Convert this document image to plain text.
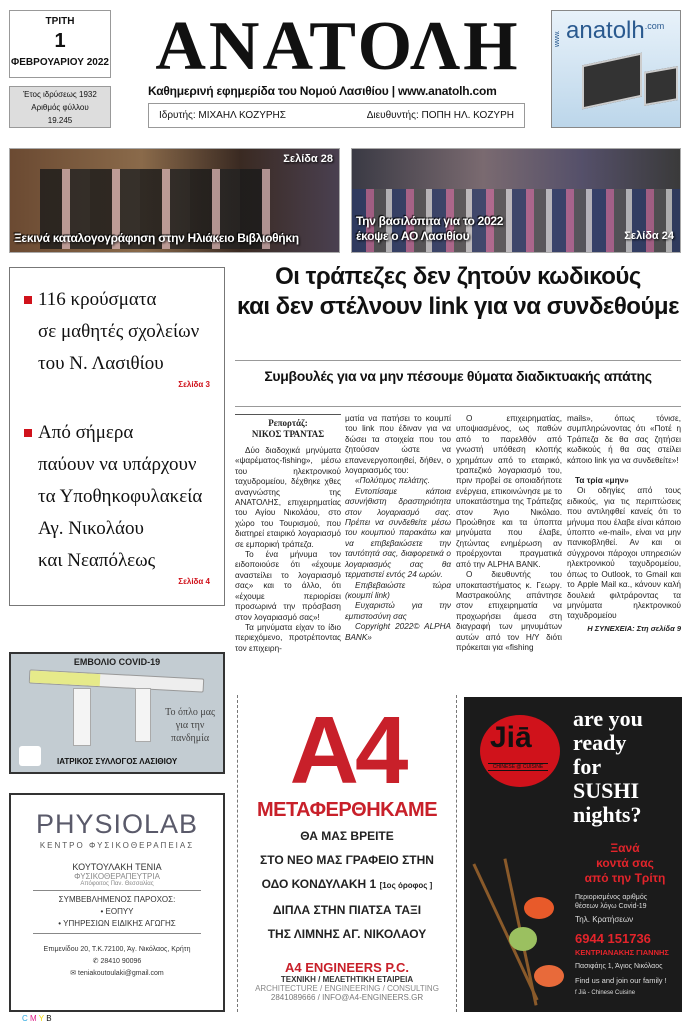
ΤΡΙΤΗ
1
ΦΕΒΡΟΥΑΡΙΟΥ 2022
Έτος ιδρύσεως 1932
Αριθμός φύλλου
19.245
ΑΝΑΤΟΛΗ
Καθημερινή εφημερίδα του Νομού Λασιθίου | www.anatolh.com
Ιδρυτής: ΜΙΧΑΗΛ ΚΟΖΥΡΗΣ	Διευθυντής: ΠΟΠΗ ΗΛ. ΚΟΖΥΡΗ
www. anatolh$^{.com}$
Σελίδα 28
Ξεκινά καταλογογράφηση στην Ηλιάκειο Βιβλιοθήκη
Την βασιλόπιτα για το 2022
έκοψε ο ΑΟ Λασιθίου	Σελίδα 24
116 κρούσματα
σε μαθητές σχολείων
του Ν. Λασιθίου
Σελίδα 3
Από σήμερα
παύουν να υπάρχουν
τα Υποθηκοφυλακεία
Αγ. Νικολάου
και Νεαπόλεως
Σελίδα 4
ΕΜΒΟΛΙΟ COVID-19
Το όπλο μας
για την
πανδημία
ΙΑΤΡΙΚΟΣ ΣΥΛΛΟΓΟΣ ΛΑΣΙΘΙΟΥ
PHYSIOLAB
ΚΕΝΤΡΟ ΦΥΣΙΚΟΘΕΡΑΠΕΙΑΣ
ΚΟΥΤΟΥΛΑΚΗ ΤΕΝΙΑ
ΦΥΣΙΚΟΘΕΡΑΠΕΥΤΡΙΑ
Απόφοιτος Παν. Θεσσαλίας
ΣΥΜΒΕΒΛΗΜΕΝΟΣ ΠΑΡΟΧΟΣ:
• ΕΟΠΥΥ
• ΥΠΗΡΕΣΙΩΝ ΕΙΔΙΚΗΣ ΑΓΩΓΗΣ
Επιμενίδου 20, Τ.Κ.72100, Άγ. Νικόλαος, Κρήτη
✆ 28410 90096
✉ teniakoutoulaki@gmail.com
C M Y B
Οι τράπεζες δεν ζητούν κωδικούς
και δεν στέλνουν link για να συνδεθούμε
Συμβουλές για να μην πέσουμε θύματα διαδικτυακής απάτης
Ρεπορτάζ:
ΝΙΚΟΣ ΤΡΑΝΤΑΣ

Δύο διαδοχικά μηνύματα «ψαρέματος-fishing», μέσω του ηλεκτρονικού ταχυδρομείου, δέχθηκε χθες αναγνώστης της ΑΝΑΤΟΛΗΣ, επιχειρηματίας του Αγίου Νικολάου, στο χώρο του Τουρισμού, που διατηρεί εταιρικό λογαριασμό σε εμπορική τράπεζα.

Το ένα μήνυμα τον ειδοποιούσε ότι «έχουμε αναστείλει το λογαριασμό σας» και το άλλο, ότι «έχουμε περιορίσει προσωρινά την πρόσβαση στον λογαριασμό σας»!

Τα μηνύματα είχαν το ίδιο περιεχόμενο, προτρέποντας τον επιχειρη-

ματία να πατήσει το κουμπί του link που έδιναν για να δώσει τα στοιχεία που του ζητούσαν ώστε να επανενεργοποιηθεί, δήθεν, ο λογαριασμός του:

«Πολύτιμος πελάτης.

Εντοπίσαμε κάποια ασυνήθιστη δραστηριότητα στον λογαριασμό σας. Πρέπει να συνδεθείτε μέσω του κουμπιού παρακάτω και να επιβεβαιώσετε την ταυτότητά σας, διαφορετικά ο λογαριασμός σας θα τερματιστεί εντός 24 ωρών.

Επιβεβαιώστε τώρα (κουμπί link)

Ευχαριστώ για την εμπιστοσύνη σας

Copyright 2022© ALPHA BANK»

Ο επιχειρηματίας, υποψιασμένος, ως παθών από το παρελθόν από γνωστή υπόθεση κλοπής χρημάτων από το εταιρικό, τραπεζικό λογαριασμό του, πριν προβεί σε οποιαδήποτε ενέργεια, επικοινώνησε με το υποκατάστημα της Τράπεζας στον Άγιο Νικόλαο. Προώθησε και τα ύποπτα μηνύματα που έλαβε, ζητώντας ενημέρωση αν προέρχονται πραγματικά από την ALPHA BANK.

Ο διευθυντής του υποκαταστήματος κ. Γεωργ. Μαστρακούλης απάντησε στον επιχειρηματία να προχωρήσει άμεσα στη διαγραφή των μηνυμάτων αυτών από τον Η/Υ διότι πρόκειται για «fishing

mails», όπως τόνισε, συμπληρώνοντας ότι «Ποτέ η Τράπεζα δε θα σας ζητήσει κωδικούς ή θα σας στείλει κάποιο link για να συνδεθείτε»!

Τα τρία «μην»

Οι οδηγίες από τους ειδικούς, για τις περιπτώσεις που αντιληφθεί κανείς ότι το μήνυμα που έλαβε είναι κάποιο ύποπτο «e-mail», είναι να μην πανικοβληθεί. Αν και οι σύγχρονοι πάροχοι υπηρεσιών ηλεκτρονικού ταχυδρομείου, όπως το Outlook, το Gmail και το Apple Mail κα., κάνουν καλή δουλειά φιλτράροντας τα μηνύματα ηλεκτρονικού ταχυδρομείου

Η ΣΥΝΕΧΕΙΑ: Στη σελίδα 9
A4
ΜΕΤΑΦΕΡΘΗΚΑΜΕ
ΘΑ ΜΑΣ ΒΡΕΙΤΕ
ΣΤΟ ΝΕΟ ΜΑΣ ΓΡΑΦΕΙΟ ΣΤΗΝ
ΟΔΟ ΚΟΝΔΥΛΑΚΗ 1 [1ος όροφος ]
ΔΙΠΛΑ ΣΤΗΝ ΠΙΑΤΣΑ ΤΑΞΙ
ΤΗΣ ΛΙΜΝΗΣ ΑΓ. ΝΙΚΟΛΑΟΥ
A4 ENGINEERS P.C.
ΤΕΧΝΙΚΗ / ΜΕΛΕΤΗΤΙΚΗ ΕΤΑΙΡΕΙΑ
ARCHITECTURE / ENGINEERING / CONSULTING
2841089666 / INFO@A4-ENGINEERS.GR
Jiā
CHINESE @ CUISINE
are you
ready
for
SUSHI
nights?
Ξανά
κοντά σας
από την Τρίτη
Περιορισμένος αριθμός
θέσεων λόγω Covid-19
Τηλ. Κρατήσεων
6944 151736
ΚΕΝΤΡΙΑΝΑΚΗΣ ΓΙΑΝΝΗΣ
Πασιφάης 1, Άγιος Νικόλαος
Find us and join our family !
f Jiā - Chinese Cuisine
